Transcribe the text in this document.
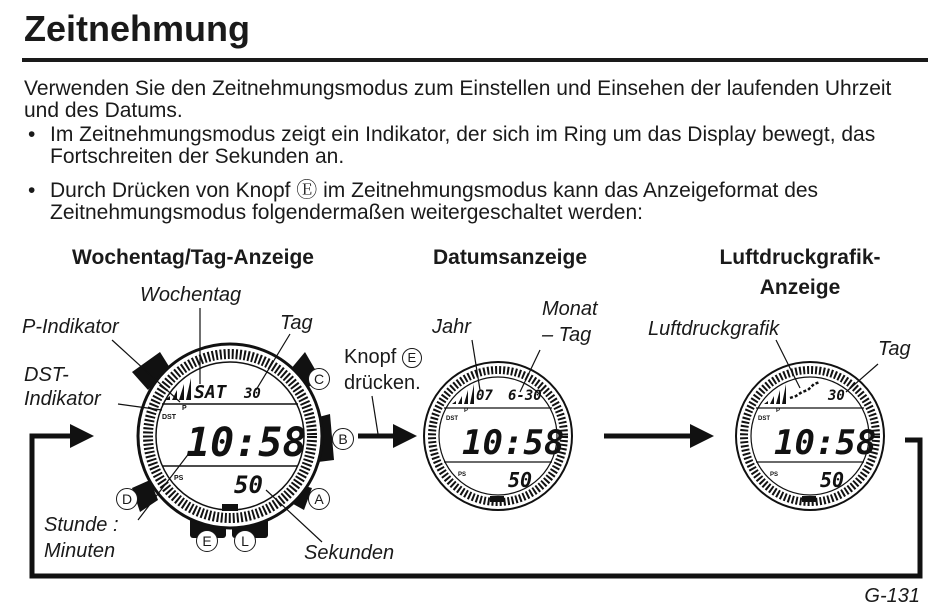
Zeitnehmung
Verwenden Sie den Zeitnehmungsmodus zum Einstellen und Einsehen der laufenden Uhrzeit und des Datums.
• Im Zeitnehmungsmodus zeigt ein Indikator, der sich im Ring um das Display bewegt, das Fortschreiten der Sekunden an.
• Durch Drücken von Knopf Ⓔ im Zeitnehmungsmodus kann das Anzeigeformat des Zeitnehmungsmodus folgendermaßen weitergeschaltet werden:
Wochentag/Tag-Anzeige	Datumsanzeige	Luftdruckgrafik-
Anzeige
SAT 30
DST
P
10:58
PS 50
07 6-30
DST
P
10:58
PS 50
30
DST
P
10:58
PS 50
Wochentag
P-Indikator	Tag
DST-
Indikator
Stunde :
Minuten	Sekunden
Jahr
Monat
– Tag
Knopf E
drücken.
Luftdruckgrafik
Tag
C
B
D	A
E	L
G-131
